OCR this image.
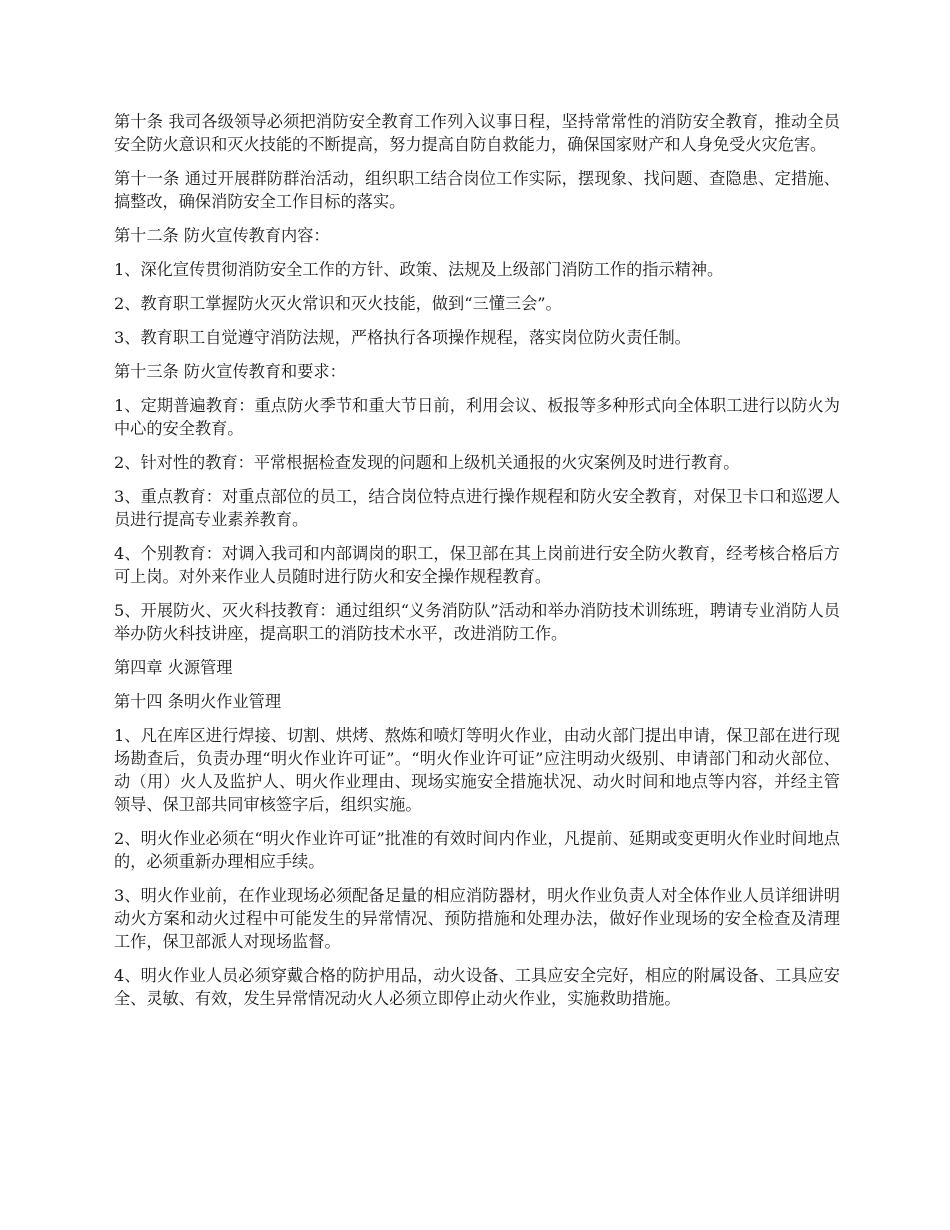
第十条 我司各级领导必须把消防安全教育工作列入议事日程，坚持常常性的消防安全教育，推动全员安全防火意识和灭火技能的不断提高，努力提高自防自救能力，确保国家财产和人身免受火灾危害。

第十一条 通过开展群防群治活动，组织职工结合岗位工作实际，摆现象、找问题、查隐患、定措施、搞整改，确保消防安全工作目标的落实。

第十二条 防火宣传教育内容：

1、深化宣传贯彻消防安全工作的方针、政策、法规及上级部门消防工作的指示精神。

2、教育职工掌握防火灭火常识和灭火技能，做到“三懂三会”。

3、教育职工自觉遵守消防法规，严格执行各项操作规程，落实岗位防火责任制。

第十三条 防火宣传教育和要求：

1、定期普遍教育：重点防火季节和重大节日前，利用会议、板报等多种形式向全体职工进行以防火为中心的安全教育。

2、针对性的教育：平常根据检查发现的问题和上级机关通报的火灾案例及时进行教育。

3、重点教育：对重点部位的员工，结合岗位特点进行操作规程和防火安全教育，对保卫卡口和巡逻人员进行提高专业素养教育。

4、个别教育：对调入我司和内部调岗的职工，保卫部在其上岗前进行安全防火教育，经考核合格后方可上岗。对外来作业人员随时进行防火和安全操作规程教育。

5、开展防火、灭火科技教育：通过组织“义务消防队”活动和举办消防技术训练班，聘请专业消防人员举办防火科技讲座，提高职工的消防技术水平，改进消防工作。

第四章 火源管理

第十四 条明火作业管理

1、凡在库区进行焊接、切割、烘烤、熬炼和喷灯等明火作业，由动火部门提出申请，保卫部在进行现场勘查后，负责办理“明火作业许可证”。“明火作业许可证”应注明动火级别、申请部门和动火部位、动（用）火人及监护人、明火作业理由、现场实施安全措施状况、动火时间和地点等内容，并经主管领导、保卫部共同审核签字后，组织实施。

2、明火作业必须在“明火作业许可证”批准的有效时间内作业，凡提前、延期或变更明火作业时间地点的，必须重新办理相应手续。

3、明火作业前，在作业现场必须配备足量的相应消防器材，明火作业负责人对全体作业人员详细讲明动火方案和动火过程中可能发生的异常情况、预防措施和处理办法，做好作业现场的安全检查及清理工作，保卫部派人对现场监督。

4、明火作业人员必须穿戴合格的防护用品，动火设备、工具应安全完好，相应的附属设备、工具应安全、灵敏、有效，发生异常情况动火人必须立即停止动火作业，实施救助措施。
